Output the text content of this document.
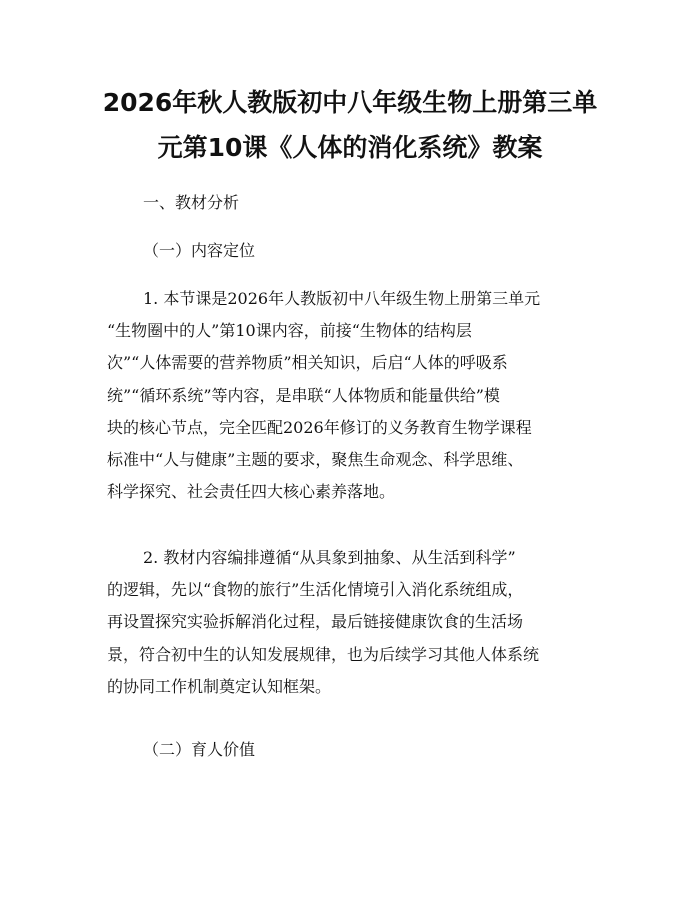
2026年秋人教版初中八年级生物上册第三单
元第10课《人体的消化系统》教案

一、教材分析

（一）内容定位

1. 本节课是2026年人教版初中八年级生物上册第三单元
“生物圈中的人”第10课内容，前接“生物体的结构层
次”“人体需要的营养物质”相关知识，后启“人体的呼吸系
统”“循环系统”等内容，是串联“人体物质和能量供给”模
块的核心节点，完全匹配2026年修订的义务教育生物学课程
标准中“人与健康”主题的要求，聚焦生命观念、科学思维、
科学探究、社会责任四大核心素养落地。
2. 教材内容编排遵循“从具象到抽象、从生活到科学”
的逻辑，先以“食物的旅行”生活化情境引入消化系统组成，
再设置探究实验拆解消化过程，最后链接健康饮食的生活场
景，符合初中生的认知发展规律，也为后续学习其他人体系统
的协同工作机制奠定认知框架。

（二）育人价值
